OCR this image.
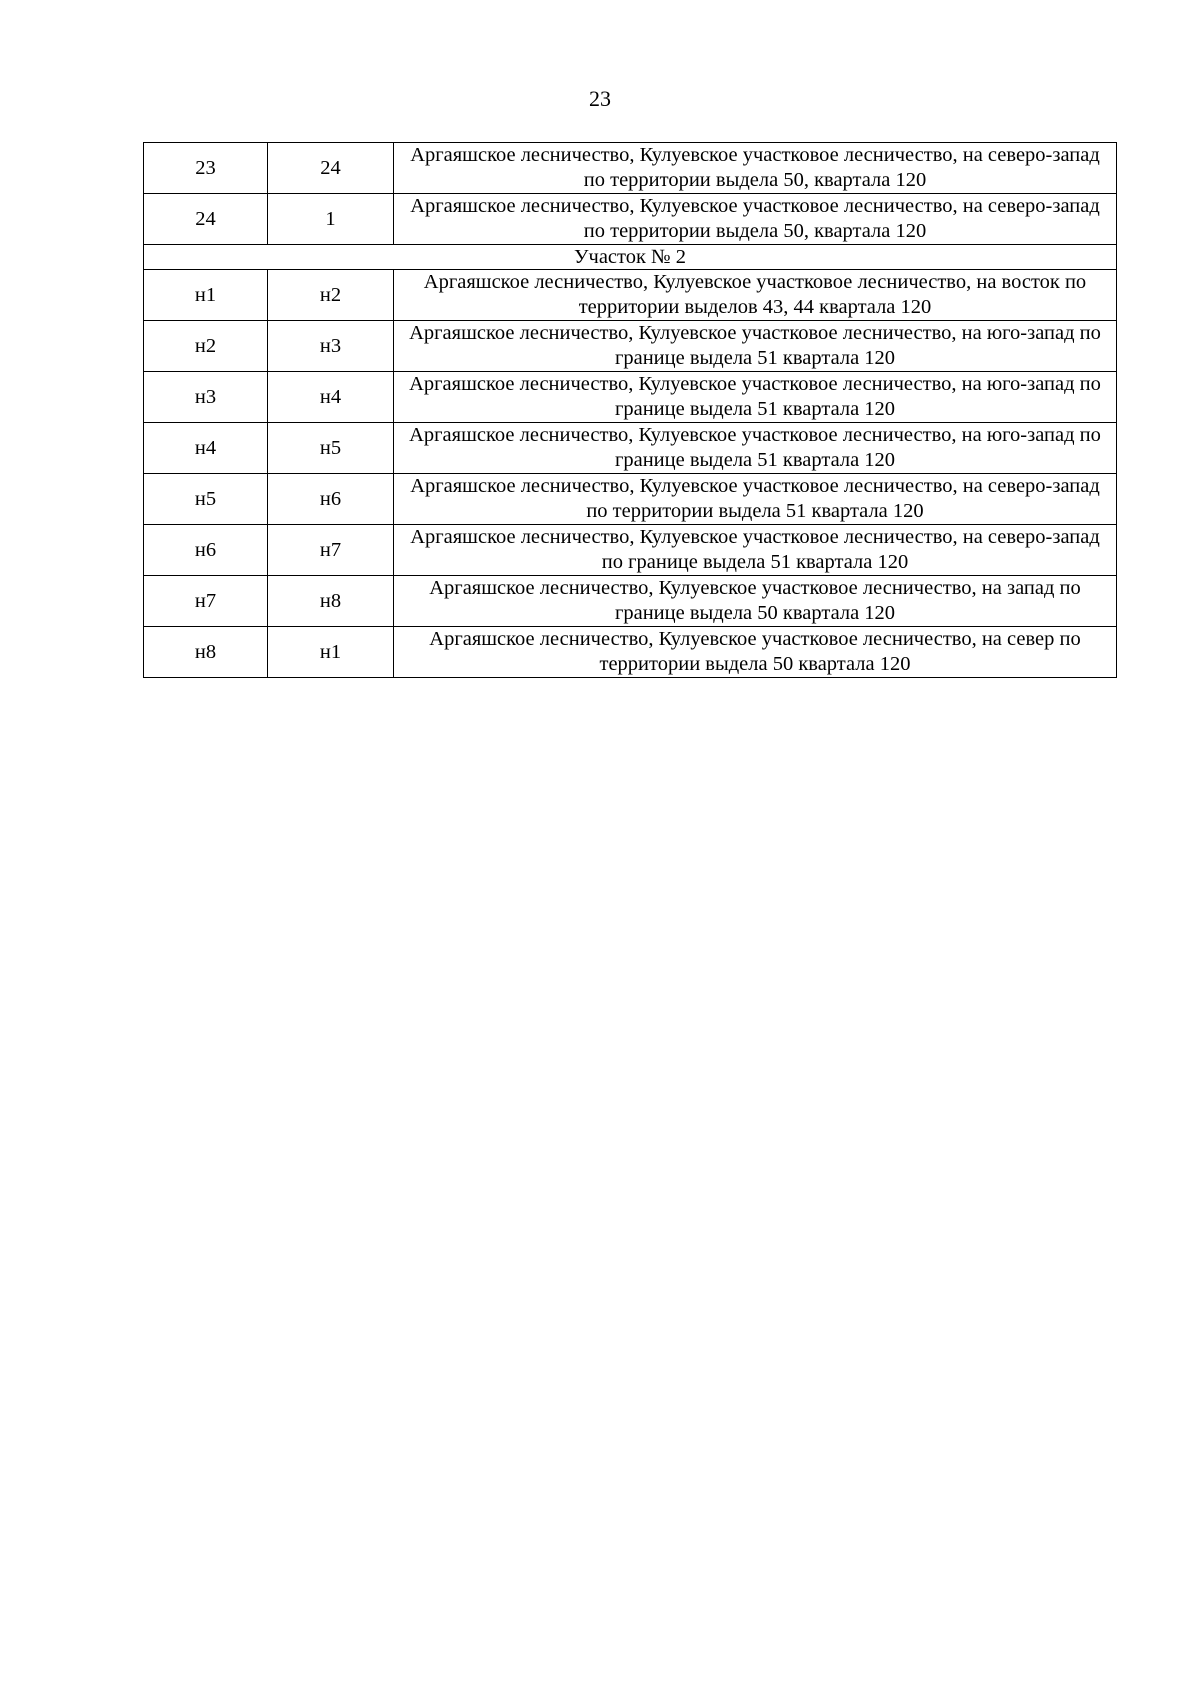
23
23	24	Аргаяшское лесничество, Кулуевское участковое лесничество, на северо-запад по территории выдела 50, квартала 120
24	1	Аргаяшское лесничество, Кулуевское участковое лесничество, на северо-запад по территории выдела 50, квартала 120
Участок № 2		
н1	н2	Аргаяшское лесничество, Кулуевское участковое лесничество, на восток по территории выделов 43, 44 квартала 120
н2	н3	Аргаяшское лесничество, Кулуевское участковое лесничество, на юго-запад по границе выдела 51 квартала 120
н3	н4	Аргаяшское лесничество, Кулуевское участковое лесничество, на юго-запад по границе выдела 51 квартала 120
н4	н5	Аргаяшское лесничество, Кулуевское участковое лесничество, на юго-запад по границе выдела 51 квартала 120
н5	н6	Аргаяшское лесничество, Кулуевское участковое лесничество, на северо-запад по территории выдела 51 квартала 120
н6	н7	Аргаяшское лесничество, Кулуевское участковое лесничество, на северо-запад по границе выдела 51 квартала 120
н7	н8	Аргаяшское лесничество, Кулуевское участковое лесничество, на запад по границе выдела 50 квартала 120
н8	н1	Аргаяшское лесничество, Кулуевское участковое лесничество, на север по территории выдела 50 квартала 120
